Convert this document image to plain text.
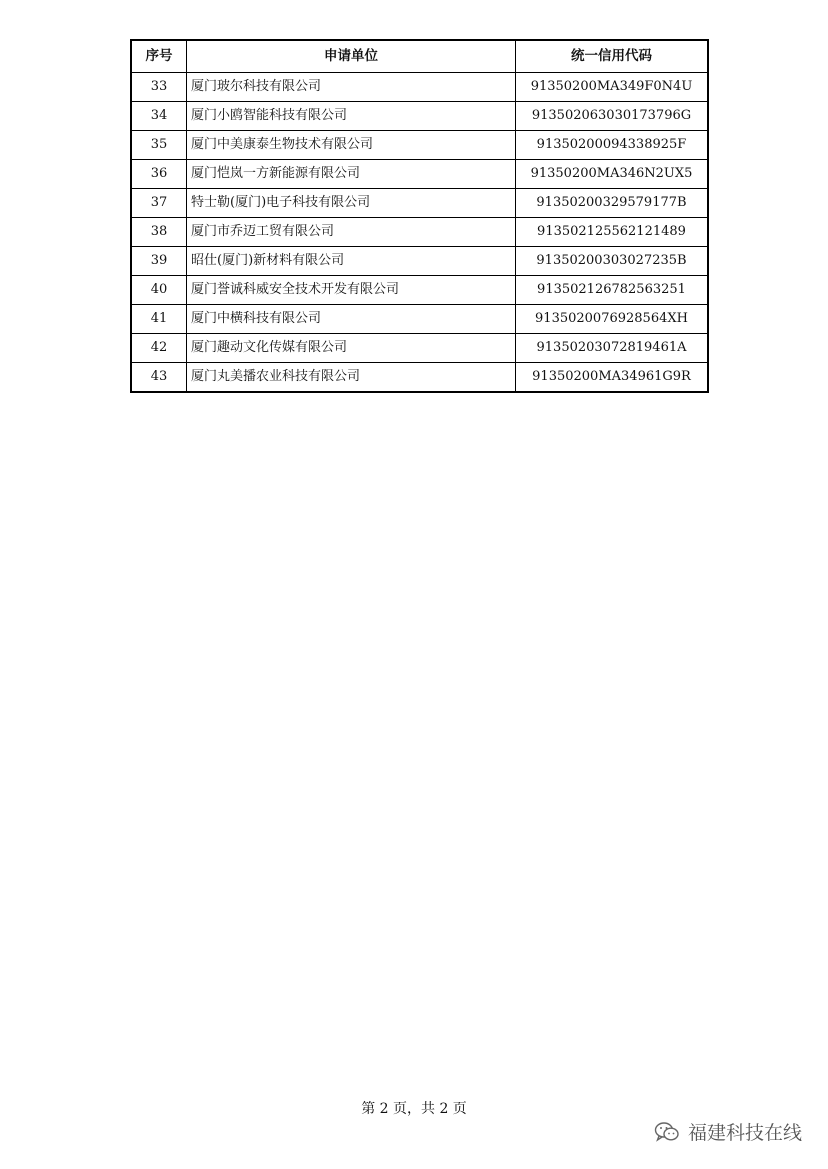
序号	申请单位	统一信用代码
33	厦门玻尔科技有限公司	91350200MA349F0N4U
34	厦门小鸥智能科技有限公司	913502063030173796G
35	厦门中美康泰生物技术有限公司	91350200094338925F
36	厦门恺岚一方新能源有限公司	91350200MA346N2UX5
37	特士勒(厦门)电子科技有限公司	91350200329579177B
38	厦门市乔迈工贸有限公司	913502125562121489
39	昭仕(厦门)新材料有限公司	91350200303027235B
40	厦门誉诚科威安全技术开发有限公司	913502126782563251
41	厦门中横科技有限公司	9135020076928564XH
42	厦门趣动文化传媒有限公司	91350203072819461A
43	厦门丸美播农业科技有限公司	91350200MA34961G9R
第 2 页，共 2 页
福建科技在线
